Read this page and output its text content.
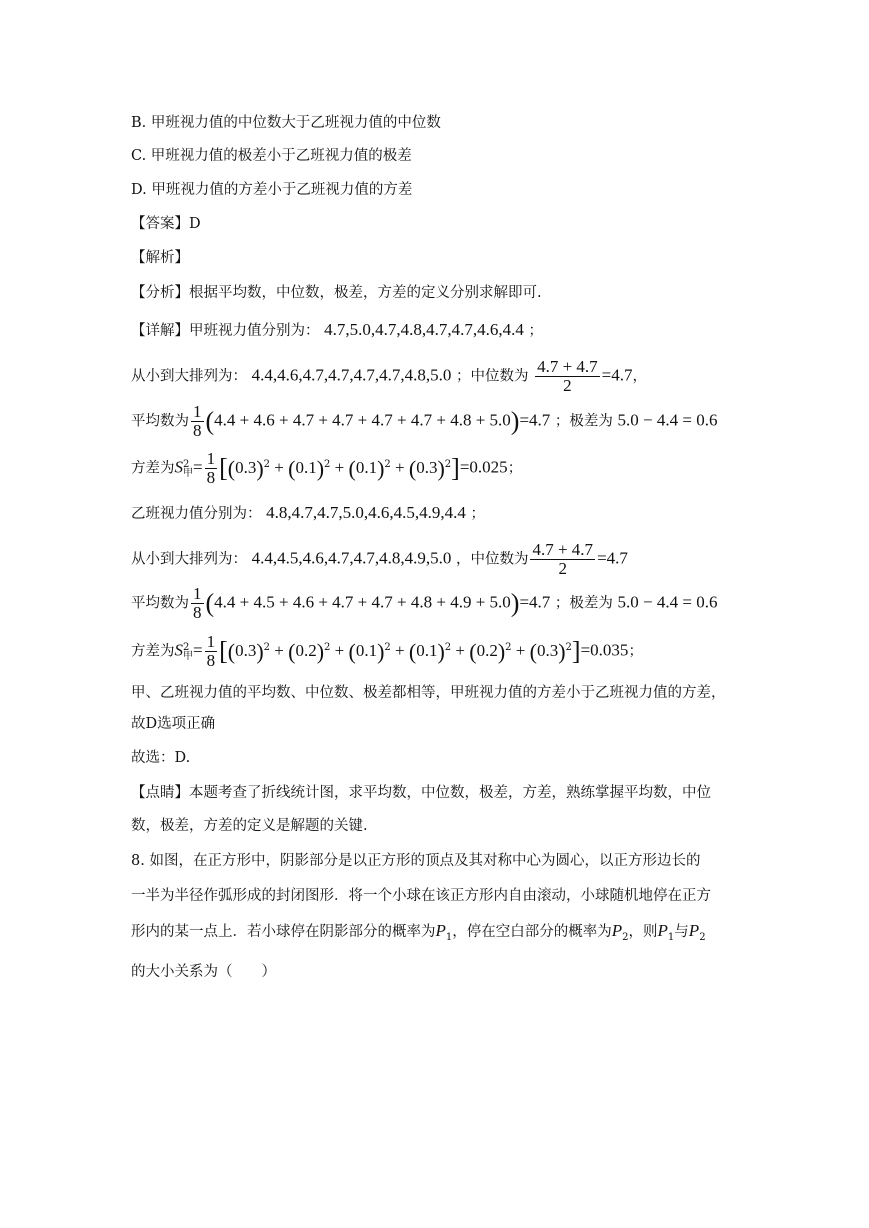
B. 甲班视力值的中位数大于乙班视力值的中位数
C. 甲班视力值的极差小于乙班视力值的极差
D. 甲班视力值的方差小于乙班视力值的方差
【答案】D
【解析】
【分析】根据平均数，中位数，极差，方差的定义分别求解即可.
【详解】甲班视力值分别为： 4.7,5.0,4.7,4.8,4.7,4.7,4.6,4.4 ；
从小到大排列为： 4.4,4.6,4.7,4.7,4.7,4.7,4.8,5.0 ；中位数为 $\frac{4.7 + 4.7}{2} =4.7$，
平均数为 $\frac{1}{8} (4.4 + 4.6 + 4.7 + 4.7 + 4.7 + 4.7 + 4.8 + 5.0)=4.7$ ；极差为 5.0 − 4.4 = 0.6
方差为S 2
甲 = $\frac{1}{8} [(0.3)^2 + (0.1)^2 + (0.1)^2 + (0.3)^2]=0.025$；
乙班视力值分别为： 4.8,4.7,4.7,5.0,4.6,4.5,4.9,4.4 ；
从小到大排列为： 4.4,4.5,4.6,4.7,4.7,4.8,4.9,5.0 ，中位数为 $\frac{4.7 + 4.7}{2} =4.7$
平均数为 $\frac{1}{8} (4.4 + 4.5 + 4.6 + 4.7 + 4.7 + 4.8 + 4.9 + 5.0)=4.7$ ；极差为 5.0 − 4.4 = 0.6
方差为S 2
甲 = $\frac{1}{8} [(0.3)^2 + (0.2)^2 + (0.1)^2 + (0.1)^2 + (0.2)^2 + (0.3)^2]=0.035$；
甲、乙班视力值的平均数、中位数、极差都相等，甲班视力值的方差小于乙班视力值的方差，
故D选项正确
故选：D.
【点睛】本题考查了折线统计图，求平均数，中位数，极差，方差，熟练掌握平均数，中位
数，极差，方差的定义是解题的关键.
8. 如图，在正方形中，阴影部分是以正方形的顶点及其对称中心为圆心，以正方形边长的
一半为半径作弧形成的封闭图形．将一个小球在该正方形内自由滚动，小球随机地停在正方
形内的某一点上．若小球停在阴影部分的概率为$P_1$，停在空白部分的概率为$P_2$，则$P_1$与$P_2$
的大小关系为（　　）
